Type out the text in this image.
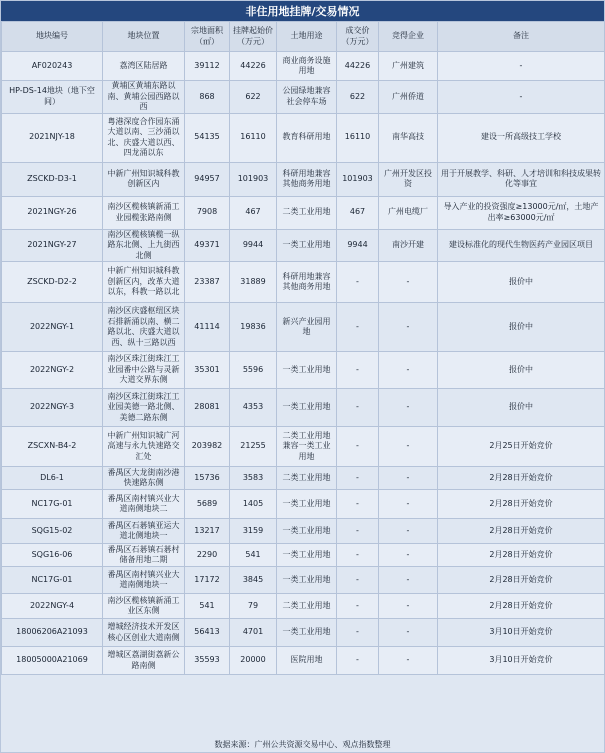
非住用地挂牌/交易情况
地块编号	地块位置	宗地面积（㎡）	挂牌起始价（万元）	土地用途	成交价（万元）	竞得企业	备注
AF020243	荔湾区陆居路	39112	44226	商业商务设施用地	44226	广州建筑	-
HP-DS-14地块（地下空间）	黄埔区黄埔东路以南、黄埔公园西路以西	868	622	公园绿地兼容社会停车场	622	广州侨道	-
2021NJY-18	粤港深度合作园东涌大道以南、三沙涌以北、庆盛大道以西、四龙涌以东	54135	16110	教育科研用地	16110	南华高技	建设一所高级技工学校
ZSCKD-D3-1	中新广州知识城科教创新区内	94957	101903	科研用地兼容其他商务用地	101903	广州开发区投资	用于开展教学、科研、人才培训和科技成果转化等事宜
2021NGY-26	南沙区榄核镇新涌工业园榄张路南侧	7908	467	二类工业用地	467	广州电缆厂	导入产业的投资强度≥13000元/㎡，土地产出率≥63000元/㎡
2021NGY-27	南沙区榄核镇榄一纵路东北侧、上九街西北侧	49371	9944	一类工业用地	9944	南沙开建	建设标准化的现代生物医药产业园区项目
ZSCKD-D2-2	中新广州知识城科教创新区内，改革大道以东，科教一路以北	23387	31889	科研用地兼容其他商务用地	-	-	报价中
2022NGY-1	南沙区庆盛枢纽区块石排新涌以南、横二路以北、庆盛大道以西、纵十三路以西	41114	19836	新兴产业园用地	-	-	报价中
2022NGY-2	南沙区珠江街珠江工业园番中公路与灵新大道交界东侧	35301	5596	一类工业用地	-	-	报价中
2022NGY-3	南沙区珠江街珠江工业园美德一路北侧、美德二路东侧	28081	4353	一类工业用地	-	-	报价中
ZSCXN-B4-2	中新广州知识城广河高速与永九快速路交汇处	203982	21255	二类工业用地兼容一类工业用地	-	-	2月25日开始竞价
DL6-1	番禺区大龙街南沙港快速路东侧	15736	3583	二类工业用地	-	-	2月28日开始竞价
NC17G-01	番禺区南村镇兴业大道南侧地块二	5689	1405	一类工业用地	-	-	2月28日开始竞价
SQG15-02	番禺区石碁镇亚运大道北侧地块一	13217	3159	一类工业用地	-	-	2月28日开始竞价
SQG16-06	番禺区石碁镇石碁村储备用地二期	2290	541	一类工业用地	-	-	2月28日开始竞价
NC17G-01	番禺区南村镇兴业大道南侧地块一	17172	3845	一类工业用地	-	-	2月28日开始竞价
2022NGY-4	南沙区榄核镇新涌工业区东侧	541	79	二类工业用地	-	-	2月28日开始竞价
18006206A21093	增城经济技术开发区核心区创业大道南侧	56413	4701	一类工业用地	-	-	3月10日开始竞价
18005000A21069	增城区荔湖街荔新公路南侧	35593	20000	医院用地	-	-	3月10日开始竞价
数据来源：广州公共资源交易中心、观点指数整理
